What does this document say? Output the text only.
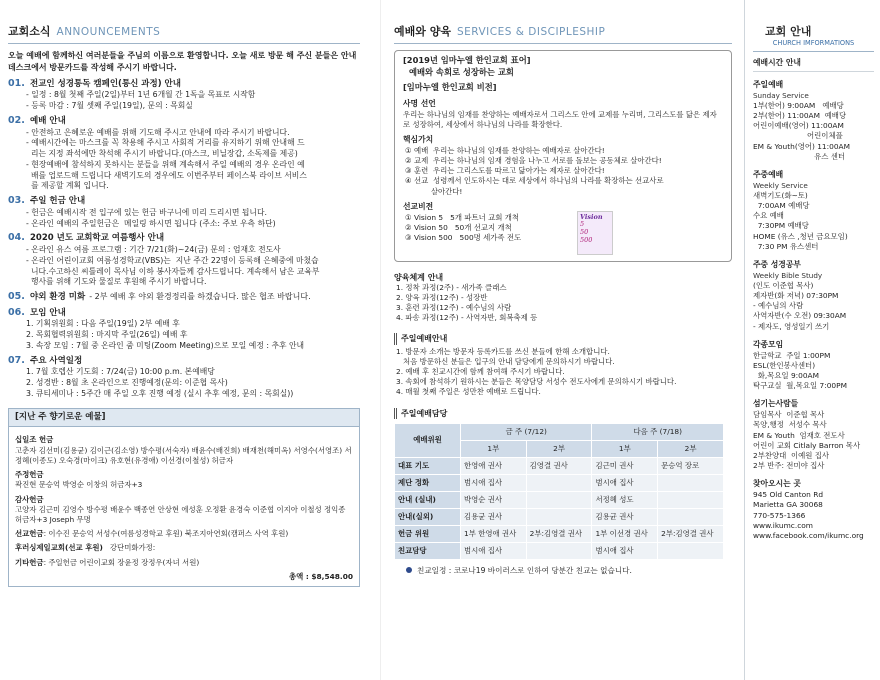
교회소식 ANNOUNCEMENTS
오늘 예배에 함께하신 여러분들을 주님의 이름으로 환영합니다. 오늘 새로 방문 해 주신 분들은 안내 데스크에서 방문카드를 작성해 주시기 바랍니다.
01. 전교인 성경통독 캠페인(통신 과정) 안내
- 일정 : 8월 첫째 주일(2일)부터 1년 6개월 간 1독을 목표로 시작함
- 등록 마감 : 7월 셋째 주일(19일), 문의 : 목회실
02. 예배 안내
- 안전하고 은혜로운 예배를 위해 기도해 주시고 안내에 따라 주시기 바랍니다.
- 예배시간에는 마스크를 꼭 착용해 주시고 사회적 거리를 유지하기 위해 안내해 드
리는 지정 좌석에만 착석해 주시기 바랍니다.(마스크, 비닐장갑, 소독제를 제공)
- 현장예배에 참석하지 못하시는 분들을 위해 계속해서 주일 예배의 경우 온라인 예
배를 업로드해 드립니다 새벽기도의 경우에도 이번주부터 페이스북 라이브 서비스
를 제공할 계획 입니다.
03. 주일 헌금 안내
- 헌금은 예배시작 전 입구에 있는 헌금 바구니에 미리 드리시면 됩니다.
- 온라인 예배의 주일헌금은  메일링 하시면 됩니다 (주소: 주보 우측 하단)
04. 2020 년도 교회학교 여름행사 안내
- 온라인 유스 여름 프로그램 : 기간 7/21(화)~24(금) 문의 : 엄재호 전도사
- 온라인 어린이교회 여름성경학교(VBS)는  지난 주간 22명이 등록해 은혜중에 마쳤습
니다.수고하신 씨틀레이 목사님 이하 봉사자들께 감사드립니다. 계속해서 남은 교육부
행사를 위해 기도와 물질로 후원해 주시기 바랍니다.
05. 야외 환경 미화 - 2부 예배 후 야외 환경정리를 하겠습니다. 많은 협조 바랍니다.
06. 모임 안내
1. 기획위원회 : 다음 주일(19일) 2부 예배 후
2. 목회협력위원회 : 마지막 주일(26일) 예배 후
3. 속장 모임 : 7월 중 온라인 줌 미팅(Zoom Meeting)으로 모일 예정 : 추후 안내
07. 주요 사역일정
1. 7월 호렙산 기도회 : 7/24(금) 10:00 p.m. 본예배당
2. 성경반 : 8월 초 온라인으로 진행예정(문의: 이준협 목사)
3. 큐티세미나 : 5주간 매 주일 오후 진행 예정 (실시 추후 예정, 문의 : 목회실))
[지난 주 향기로운 예물]
십일조 헌금
고춘자 김선미(김용균) 김이근(김소영) 방수평(서숙자) 배윤수(배진희) 배재천(해미옥) 서영수(서영조) 서정혜(이종도) 오숙경(마이크) 유호현(유경애) 이선경(이철성) 허금자
주정헌금
곽진현 문승억 박영순 이창의 허금자+3
감사헌금
고양자 김근미 김영수 방수평 배윤수 백종연 안상현 에성훈 오정환 윤경숙 이준협 이지아 이철성 정익종 허금자+3 Joseph 무명
선교헌금: 이수진 문승억 서성수(여름성경학교 후원) 북조지아연회(캠퍼스 사역 후원)
후러싱제일교회(선교 후원)   강단미화가정:
기타헌금: 주일헌금 어린이교회 장윤정 장정우(자녀 서원)
총액 : $8,548.00
예배와 양육 SERVICES & DISCIPLESHIP
[2019년 임마누엘 한인교회 표어]
예배와 속회로 성장하는 교회
[임마누엘 한인교회 비전]
사명 선언
우리는 하나님의 임재를 찬양하는 예배자로서 그리스도 안에 교제를 누리며, 그리스도를 닮은 제자로 성장하여, 세상에서 하나님의 나라를 확장한다.
핵심가치
① 예배  우리는 하나님의 임재를 찬양하는 예배자로 살아간다!
② 교제  우리는 하나님의 임재 경험을 나누고 서로를 돌보는 공동체로 살아간다!
③ 훈련  우리는 그리스도를 따르고 닮아가는 제자로 살아간다!
④ 선교  성령께서 인도하시는 대로 세상에서 하나님의 나라를 확장하는 선교사로
살아간다!
선교비전
① Vision 5   5개 파트너 교회 개척
② Vision 50   50개 선교지 개척
③ Vision 500   500명 세가족 전도
Vision
5
50
500
양육체계 안내
1. 정착 과정(2주) - 새가족 클래스
2. 양육 과정(12주) - 성장반
3. 훈련 과정(12주) - 예수님의 사람
4. 파송 과정(12주) - 사역자반, 회복축제 등
주일예배안내
1. 방문자 소개는 방문자 등록카드를 쓰신 분들에 한해 소개합니다.
처음 방문하신 분들은 입구의 안내 담당에게 문의하시기 바랍니다.
2. 예배 후 친교시간에 함께 참여해 주시기 바랍니다.
3. 속회에 참석하기 원하시는 분들은 목양담당 서성수 전도사에게 문의하시기 바랍니다.
4. 매월 첫째 주일은 성만찬 예배로 드립니다.
주일예배담당
예배위원	금 주 (7/12)		다음 주 (7/18)	
	1부	2부	1부	2부
대표 기도	한영애 권사	김영결 권사	김근미 권사	문승억 장로
제단 정화	범시애 집사		범시애 집사	
안내 (실내)	박영순 권사		서정혜 성도	
안내(실외)	김용균 권사		김용균 권사	
헌금 위원	1부 한영애 권사	2부:김영결 권사	1부 이선경 권사	2부:김영결 권사
친교담당	범시애 집사		범시애 집사	
친교일정 : 코로나19 바이러스로 인하여 당분간 친교는 없습니다.
교회 안내
CHURCH IMFORMATIONS
예배시간 안내
주일예배
Sunday Service
1부(한어) 9:00AM   예배당
2부(한어) 11:00AM  예배당
어린이예배(영어) 11:00AM
어린이체플
EM & Youth(영어) 11:00AM
유스 센터
주중예배
Weekly Service
새벽기도(화~토)
7:00AM 예배당
수요 예배
7:30PM 예배당
HOME (유스 ,청년 금요모임)
7:30 PM 유스센터
주중 성경공부
Weekly Bible Study
(인도 이준협 목사)
제자반(화 저녁) 07:30PM
- 예수님의 사람
사역자반(수 오전) 09:30AM
- 제자도, 영성일기 쓰기
각종모임
한글학교  주일 1:00PM
ESL(한인봉사센터)
화,목요일 9:00AM
탁구교실  월,목요일 7:00PM
섬기는사람들
담임목사  이준협 목사
목양,행정  서성수 목사
EM & Youth  엄재호 전도사
어린이 교회 Citlaly Barron 목사
2부찬양대  이예원 집사
2부 반주: 전미야 집사
찾아오시는 곳
945 Old Canton Rd
Marietta GA 30068
770-575-1366
www.ikumc.com
www.facebook.com/ikumc.org
